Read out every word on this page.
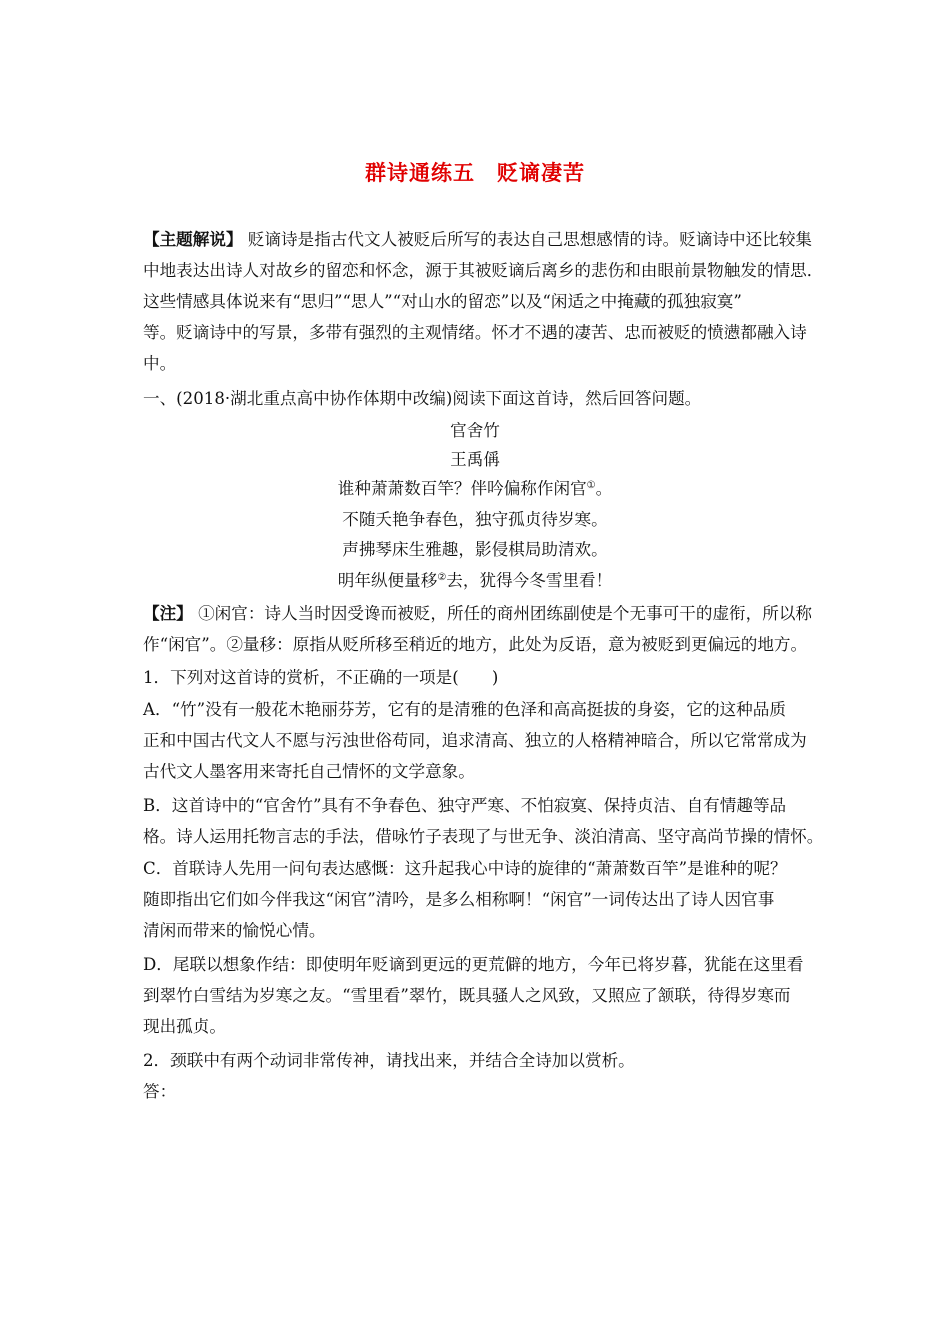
群诗通练五 贬谪凄苦
【主题解说】 贬谪诗是指古代文人被贬后所写的表达自己思想感情的诗。贬谪诗中还比较集
中地表达出诗人对故乡的留恋和怀念，源于其被贬谪后离乡的悲伤和由眼前景物触发的情思．
这些情感具体说来有“思归”“思人”“对山水的留恋”以及“闲适之中掩藏的孤独寂寞”
等。贬谪诗中的写景，多带有强烈的主观情绪。怀才不遇的凄苦、忠而被贬的愤懑都融入诗
中。
一、(2018·湖北重点高中协作体期中改编)阅读下面这首诗，然后回答问题。
官舍竹
王禹偁
谁种萧萧数百竿？伴吟偏称作闲官①。
不随夭艳争春色，独守孤贞待岁寒。
声拂琴床生雅趣，影侵棋局助清欢。
明年纵便量移②去，犹得今冬雪里看！
【注】 ①闲官：诗人当时因受谗而被贬，所任的商州团练副使是个无事可干的虚衔，所以称
作“闲官”。②量移：原指从贬所移至稍近的地方，此处为反语，意为被贬到更偏远的地方。
1．下列对这首诗的赏析，不正确的一项是(　　)
A．“竹”没有一般花木艳丽芬芳，它有的是清雅的色泽和高高挺拔的身姿，它的这种品质
正和中国古代文人不愿与污浊世俗苟同，追求清高、独立的人格精神暗合，所以它常常成为
古代文人墨客用来寄托自己情怀的文学意象。
B．这首诗中的“官舍竹”具有不争春色、独守严寒、不怕寂寞、保持贞洁、自有情趣等品
格。诗人运用托物言志的手法，借咏竹子表现了与世无争、淡泊清高、坚守高尚节操的情怀。
C．首联诗人先用一问句表达感慨：这升起我心中诗的旋律的“萧萧数百竿”是谁种的呢？
随即指出它们如今伴我这“闲官”清吟，是多么相称啊！“闲官”一词传达出了诗人因官事
清闲而带来的愉悦心情。
D．尾联以想象作结：即使明年贬谪到更远的更荒僻的地方，今年已将岁暮，犹能在这里看
到翠竹白雪结为岁寒之友。“雪里看”翠竹，既具骚人之风致，又照应了颔联，待得岁寒而
现出孤贞。
2．颈联中有两个动词非常传神，请找出来，并结合全诗加以赏析。
答：
